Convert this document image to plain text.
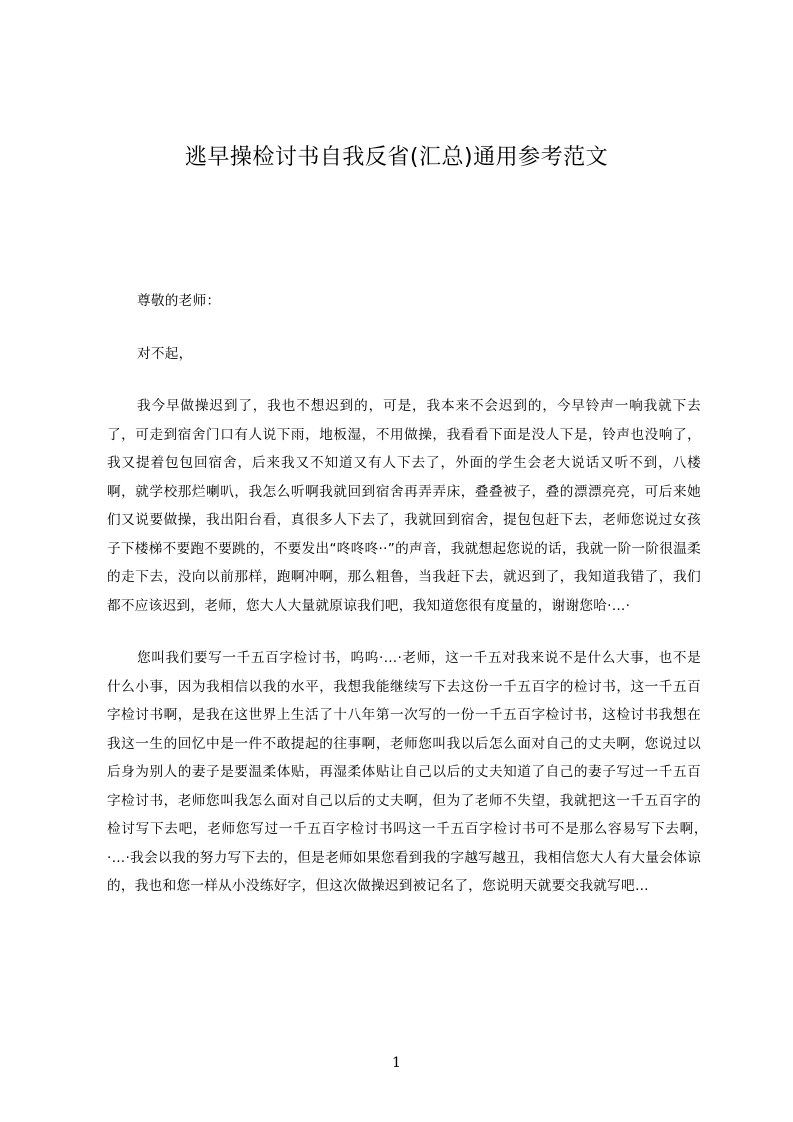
逃早操检讨书自我反省(汇总)通用参考范文

尊敬的老师：

对不起，

我今早做操迟到了，我也不想迟到的，可是，我本来不会迟到的，今早铃声一响我就下去了，可走到宿舍门口有人说下雨，地板湿，不用做操，我看看下面是没人下是，铃声也没响了，我又提着包包回宿舍，后来我又不知道又有人下去了，外面的学生会老大说话又听不到，八楼啊，就学校那烂喇叭，我怎么听啊我就回到宿舍再弄弄床，叠叠被子，叠的漂漂亮亮，可后来她们又说要做操，我出阳台看，真很多人下去了，我就回到宿舍，提包包赶下去，老师您说过女孩子下楼梯不要跑不要跳的，不要发出“咚咚咚··”的声音，我就想起您说的话，我就一阶一阶很温柔的走下去，没向以前那样，跑啊冲啊，那么粗鲁，当我赶下去，就迟到了，我知道我错了，我们都不应该迟到，老师，您大人大量就原谅我们吧，我知道您很有度量的，谢谢您哈·…·

您叫我们要写一千五百字检讨书，呜呜·…·老师，这一千五对我来说不是什么大事，也不是什么小事，因为我相信以我的水平，我想我能继续写下去这份一千五百字的检讨书，这一千五百字检讨书啊，是我在这世界上生活了十八年第一次写的一份一千五百字检讨书，这检讨书我想在我这一生的回忆中是一件不敢提起的往事啊，老师您叫我以后怎么面对自己的丈夫啊，您说过以后身为别人的妻子是要温柔体贴，再湿柔体贴让自己以后的丈夫知道了自己的妻子写过一千五百字检讨书，老师您叫我怎么面对自己以后的丈夫啊，但为了老师不失望，我就把这一千五百字的检讨写下去吧，老师您写过一千五百字检讨书吗这一千五百字检讨书可不是那么容易写下去啊，·…·我会以我的努力写下去的，但是老师如果您看到我的字越写越丑，我相信您大人有大量会体谅的，我也和您一样从小没练好字，但这次做操迟到被记名了，您说明天就要交我就写吧…

1
